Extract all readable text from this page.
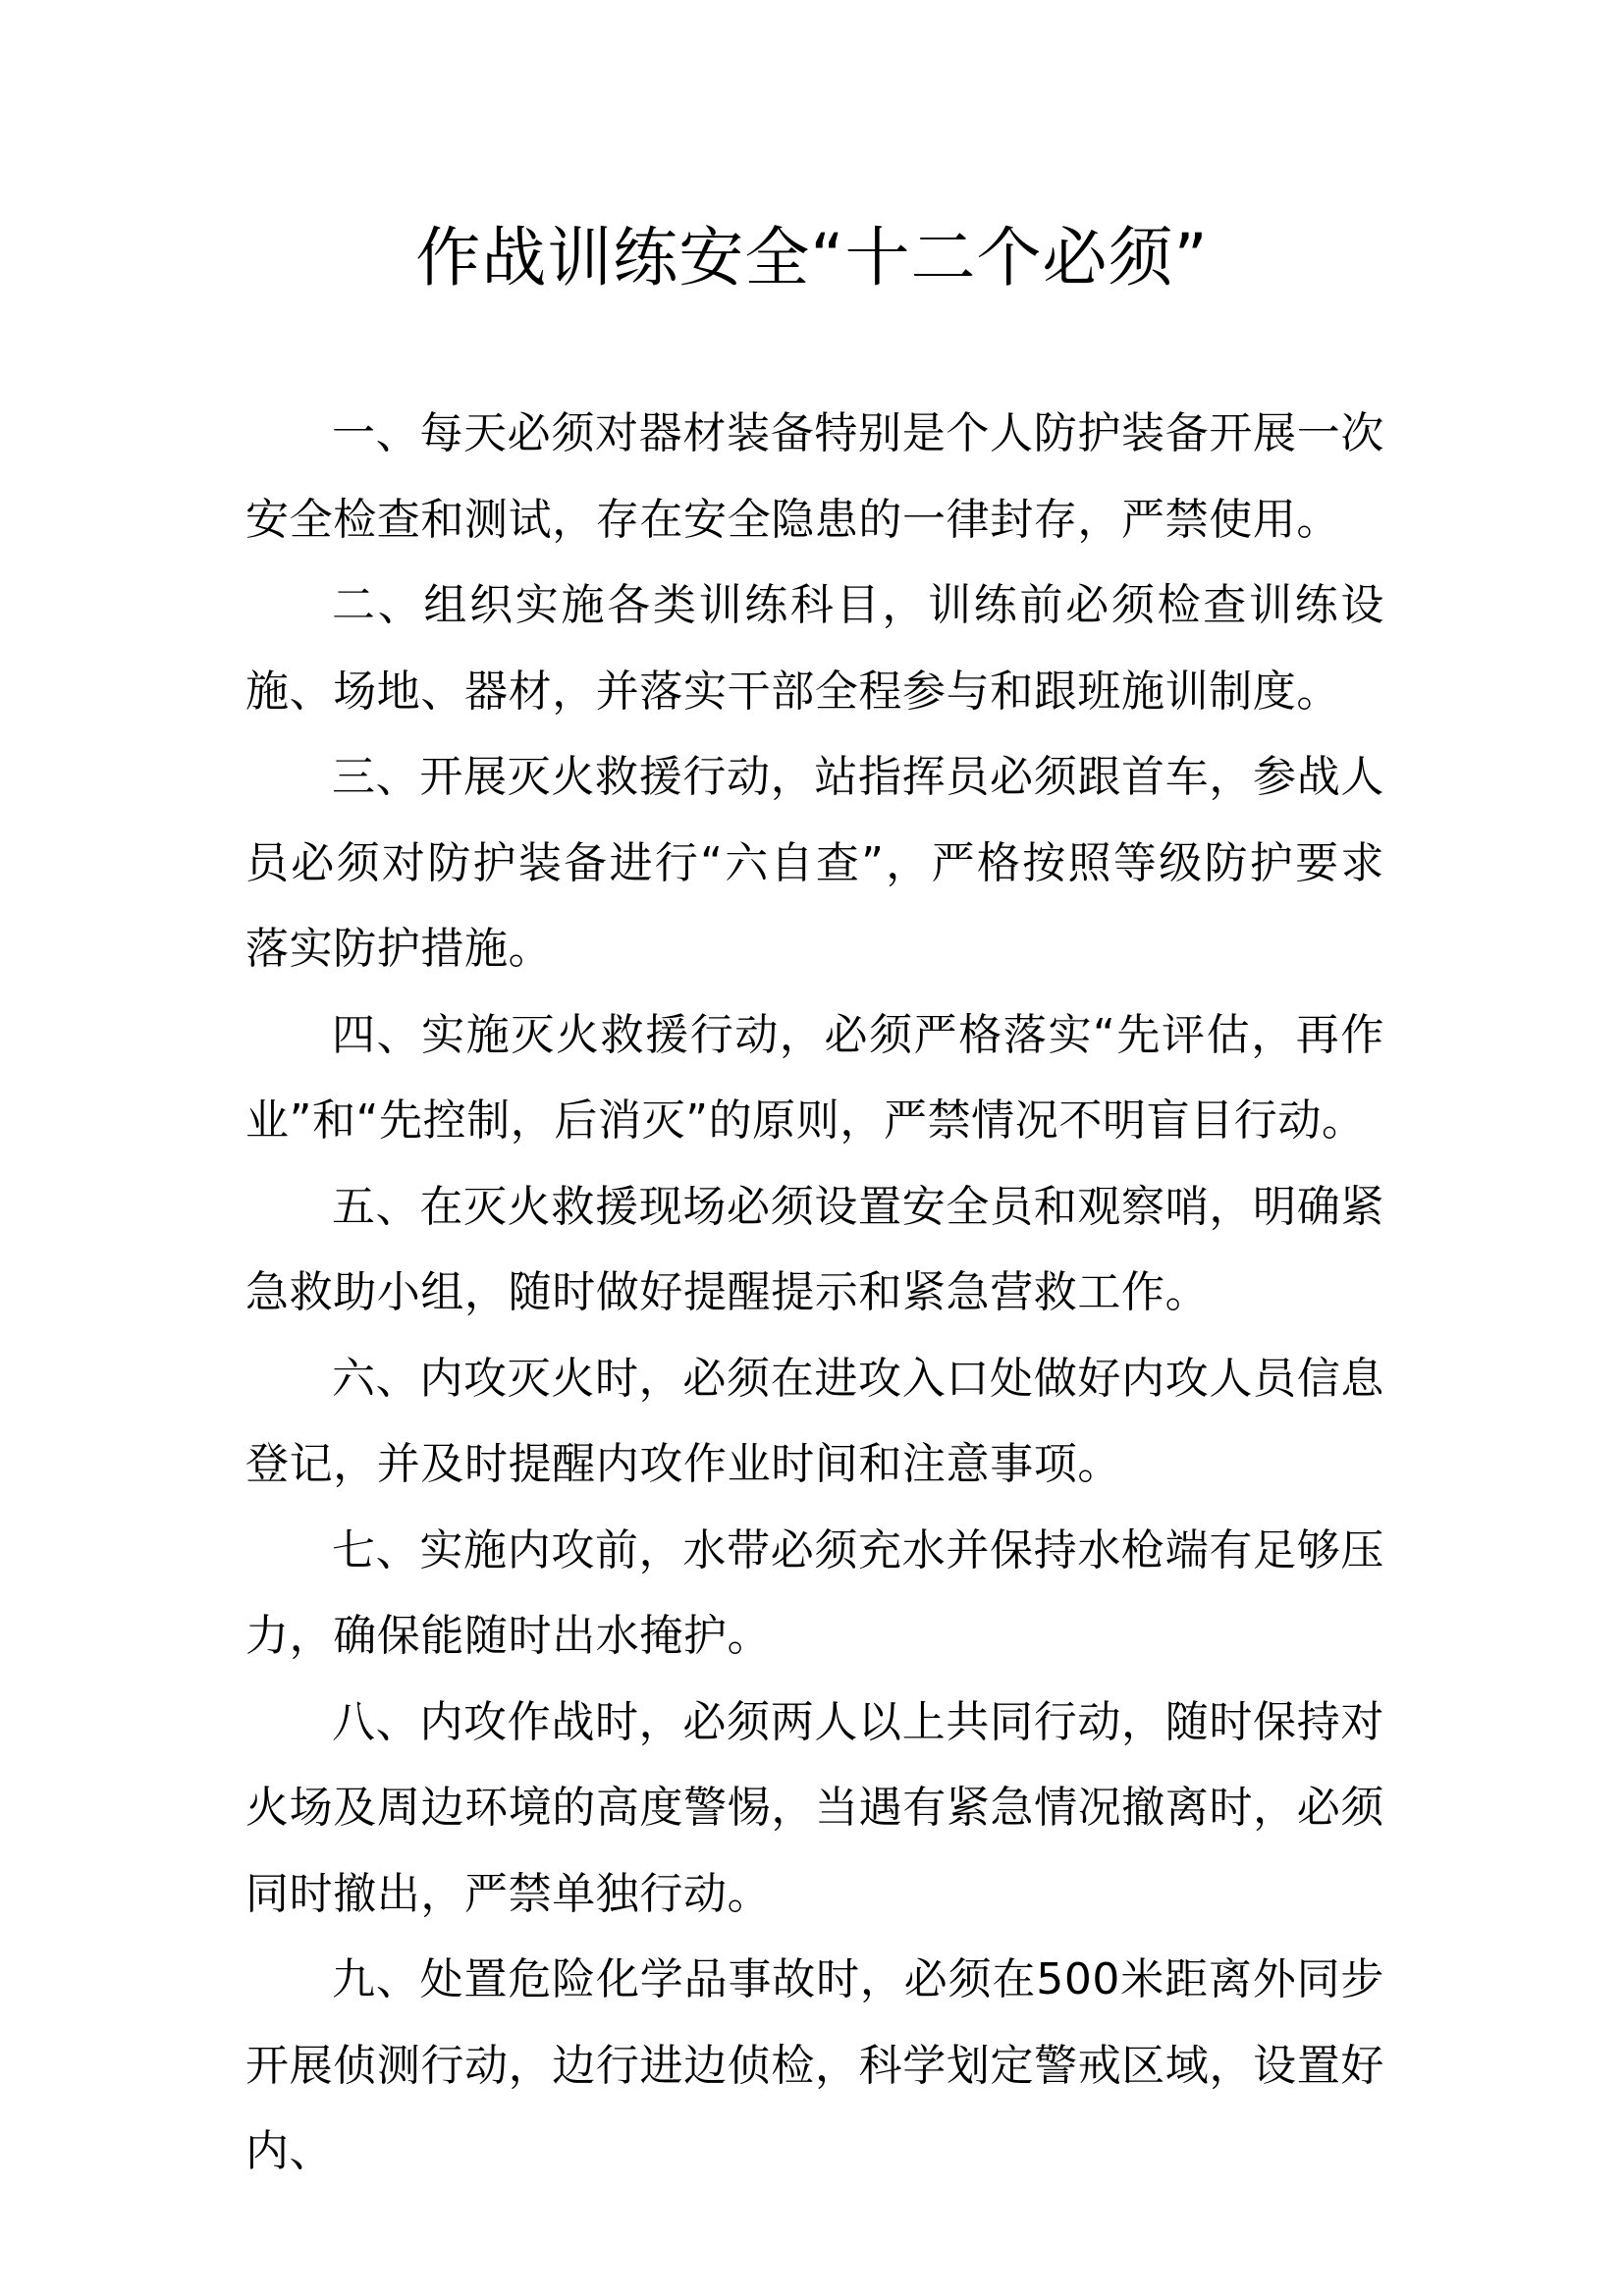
作战训练安全“十二个必须”

一、每天必须对器材装备特别是个人防护装备开展一次安全检查和测试，存在安全隐患的一律封存，严禁使用。

二、组织实施各类训练科目，训练前必须检查训练设施、场地、器材，并落实干部全程参与和跟班施训制度。

三、开展灭火救援行动，站指挥员必须跟首车，参战人员必须对防护装备进行“六自查”，严格按照等级防护要求落实防护措施。

四、实施灭火救援行动，必须严格落实“先评估，再作业”和“先控制，后消灭”的原则，严禁情况不明盲目行动。

五、在灭火救援现场必须设置安全员和观察哨，明确紧急救助小组，随时做好提醒提示和紧急营救工作。

六、内攻灭火时，必须在进攻入口处做好内攻人员信息登记，并及时提醒内攻作业时间和注意事项。

七、实施内攻前，水带必须充水并保持水枪端有足够压力，确保能随时出水掩护。

八、内攻作战时，必须两人以上共同行动，随时保持对火场及周边环境的高度警惕，当遇有紧急情况撤离时，必须同时撤出，严禁单独行动。

九、处置危险化学品事故时，必须在500米距离外同步开展侦测行动，边行进边侦检，科学划定警戒区域，设置好内、
